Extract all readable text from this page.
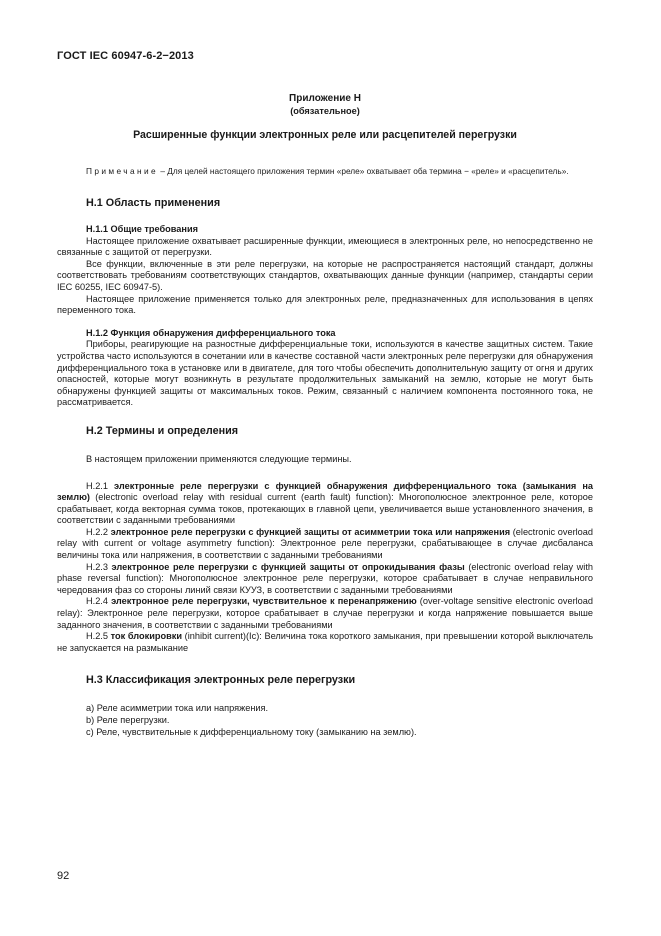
ГОСТ IEC 60947-6-2−2013
Приложение Н
(обязательное)
Расширенные функции электронных реле или расцепителей перегрузки
Примечание – Для целей настоящего приложения термин «реле» охватывает оба термина − «реле» и «расцепитель».
Н.1 Область применения
Н.1.1 Общие требования

Настоящее приложение охватывает расширенные функции, имеющиеся в электронных реле, но непосредственно не связанные с защитой от перегрузки.

Все функции, включенные в эти реле перегрузки, на которые не распространяется настоящий стандарт, должны соответствовать требованиям соответствующих стандартов, охватывающих данные функции (например, стандарты серии IEC 60255, IEC 60947-5).

Настоящее приложение применяется только для электронных реле, предназначенных для использования в цепях переменного тока.

Н.1.2 Функция обнаружения дифференциального тока

Приборы, реагирующие на разностные дифференциальные токи, используются в качестве защитных систем. Такие устройства часто используются в сочетании или в качестве составной части электронных реле перегрузки для обнаружения дифференциального тока в установке или в двигателе, для того чтобы обеспечить дополнительную защиту от огня и других опасностей, которые могут возникнуть в результате продолжительных замыканий на землю, которые не могут быть обнаружены функцией защиты от максимальных токов. Режим, связанный с наличием компонента постоянного тока, не рассматривается.

Н.2 Термины и определения

В настоящем приложении применяются следующие термины.

Н.2.1 электронные реле перегрузки с функцией обнаружения дифференциального тока (замыкания на землю) (electronic overload relay with residual current (earth fault) function): Многополюсное электронное реле, которое срабатывает, когда векторная сумма токов, протекающих в главной цепи, увеличивается выше установленного значения, в соответствии с заданными требованиями

Н.2.2 электронное реле перегрузки с функцией защиты от асимметрии тока или напряжения (electronic overload relay with current or voltage asymmetry function): Электронное реле перегрузки, срабатывающее в случае дисбаланса величины тока или напряжения, в соответствии с заданными требованиями

Н.2.3 электронное реле перегрузки с функцией защиты от опрокидывания фазы (electronic overload relay with phase reversal function): Многополюсное электронное реле перегрузки, которое срабатывает в случае неправильного чередования фаз со стороны линий связи КУУЗ, в соответствии с заданными требованиями

Н.2.4 электронное реле перегрузки, чувствительное к перенапряжению (over-voltage sensitive electronic overload relay): Электронное реле перегрузки, которое срабатывает в случае перегрузки и когда напряжение повышается выше заданного значения, в соответствии с заданными требованиями

Н.2.5 ток блокировки (inhibit current)(Ic): Величина тока короткого замыкания, при превышении которой выключатель не запускается на размыкание

Н.3 Классификация электронных реле перегрузки
а) Реле асимметрии тока или напряжения.
b) Реле перегрузки.
с) Реле, чувствительные к дифференциальному току (замыканию на землю).
92
